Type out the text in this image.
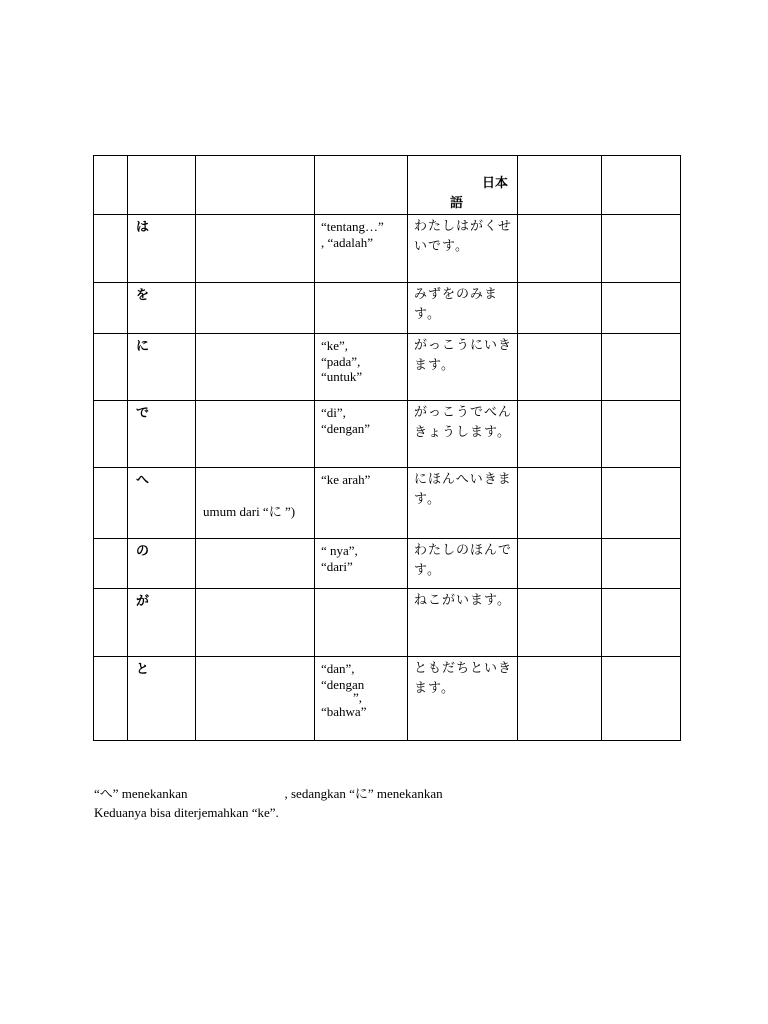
				日本
語		

	は		“tentang…”
, “adalah”	わたしはがくせいです。		

	を			みずをのみます。		

	に		“ke”,
“pada”,
“untuk”	がっこうにいきます。		

	で		“di”,
“dengan”	がっこうでべんきょうします。		

	へ	umum dari “に ”)	“ke arah”	にほんへいきます。		

	の		“ nya”,
“dari”	わたしのほんです。		

	が			ねこがいます。		

	と		“dan”,
“dengan
”,
“bahwa”	ともだちといきます。		

“へ” menekankan	, sedangkan “に” menekankan
Keduanya bisa diterjemahkan “ke”.
